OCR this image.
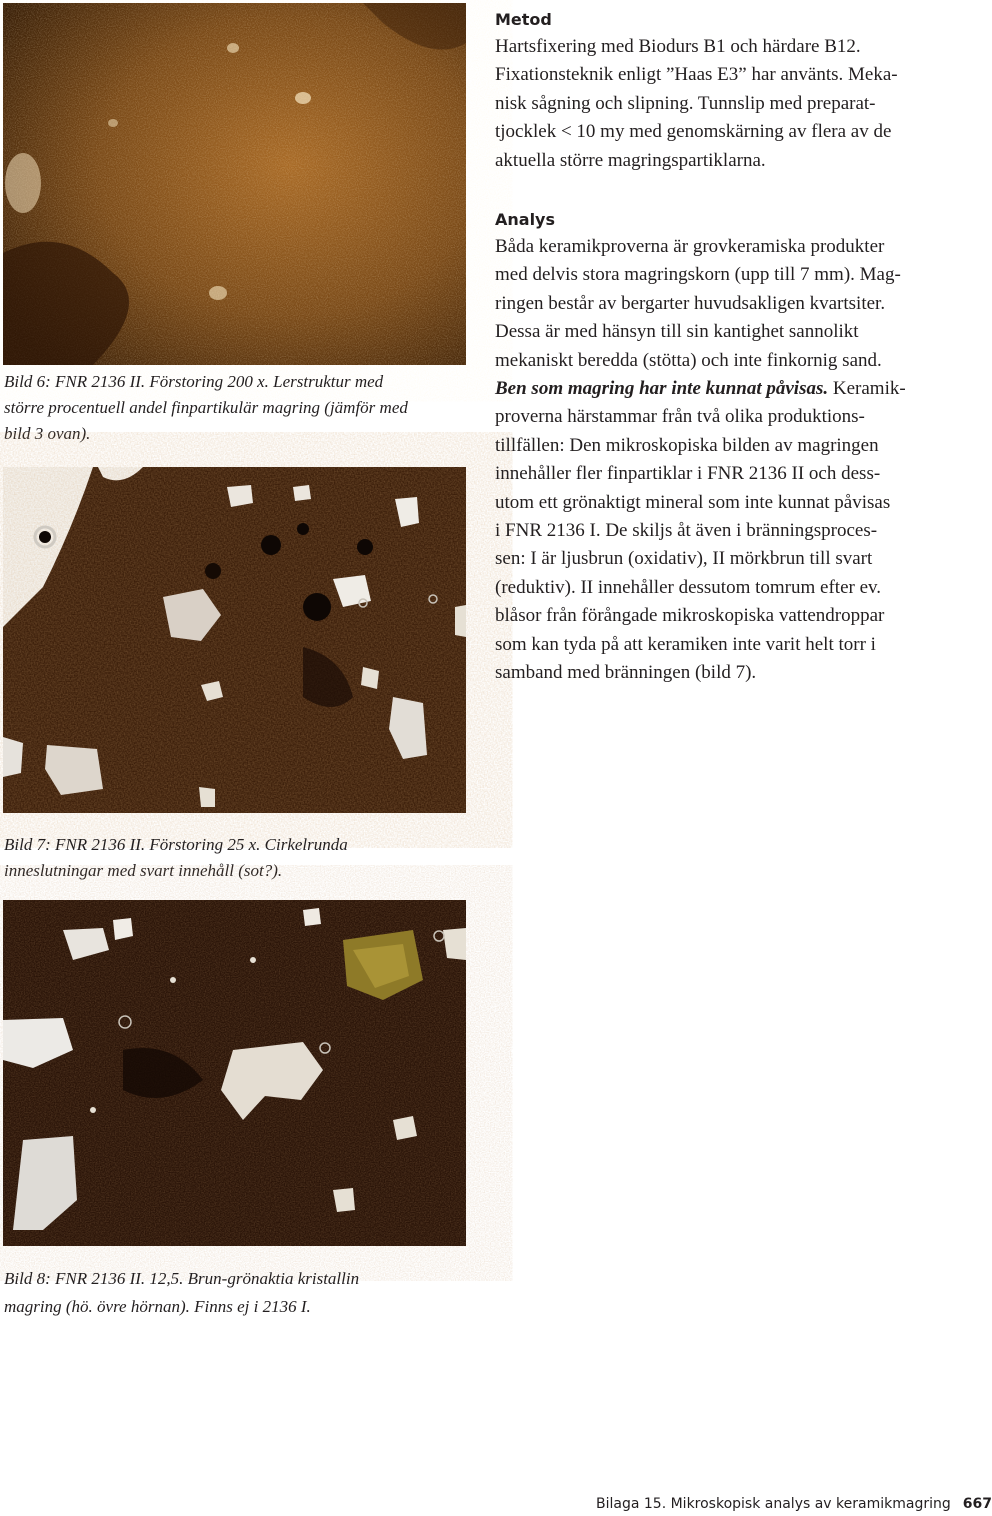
Bild 6: FNR 2136 II. Förstoring 200 x. Lerstruktur med
större procentuell andel finpartikulär magring (jämför med
bild 3 ovan).
Bild 7: FNR 2136 II. Förstoring 25 x. Cirkelrunda
inneslutningar med svart innehåll (sot?).
Bild 8: FNR 2136 II. 12,5. Brun-grönaktia kristallin
magring (hö. övre hörnan). Finns ej i 2136 I.
Metod
Hartsfixering med Biodurs B1 och härdare B12.
Fixationsteknik enligt ”Haas E3” har använts. Meka-
nisk sågning och slipning. Tunnslip med preparat-
tjocklek < 10 my med genomskärning av flera av de
aktuella större magringspartiklarna.
Analys
Båda keramikproverna är grovkeramiska produkter
med delvis stora magringskorn (upp till 7 mm). Mag-
ringen består av bergarter huvudsakligen kvartsiter.
Dessa är med hänsyn till sin kantighet sannolikt
mekaniskt beredda (stötta) och inte finkornig sand.
Ben som magring har inte kunnat påvisas. Keramik-
proverna härstammar från två olika produktions-
tillfällen: Den mikroskopiska bilden av magringen
innehåller fler finpartiklar i FNR 2136 II och dess-
utom ett grönaktigt mineral som inte kunnat påvisas
i FNR 2136 I. De skiljs åt även i bränningsproces-
sen: I är ljusbrun (oxidativ), II mörkbrun till svart
(reduktiv). II innehåller dessutom tomrum efter ev.
blåsor från förångade mikroskopiska vattendroppar
som kan tyda på att keramiken inte varit helt torr i
samband med bränningen (bild 7).
Bilaga 15. Mikroskopisk analys av keramikmagring 667
